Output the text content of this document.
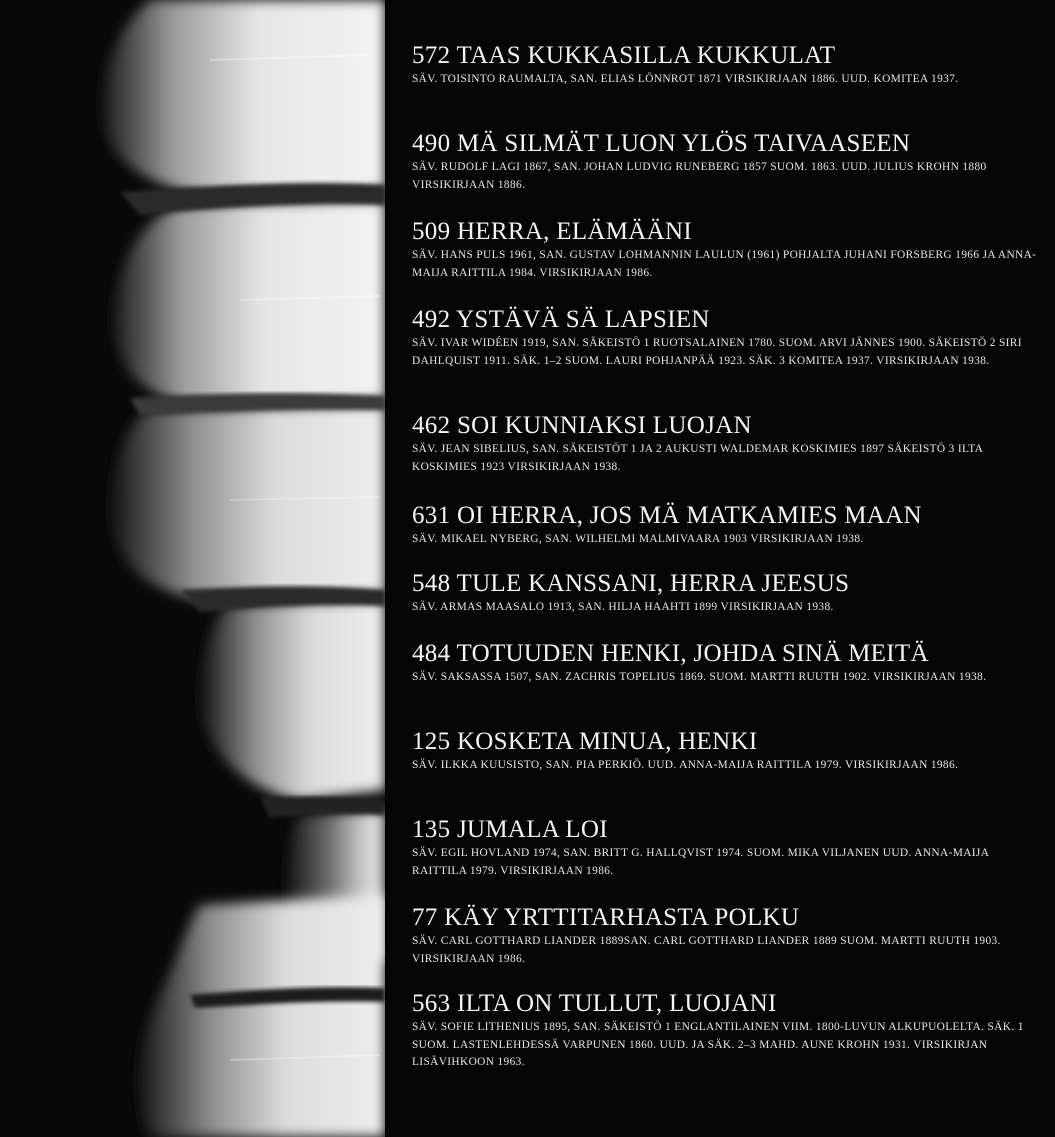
572 TAAS KUKKASILLA KUKKULAT
SÄV. TOISINTO RAUMALTA, SAN. ELIAS LÖNNROT 1871 VIRSIKIRJAAN 1886. UUD. KOMITEA 1937.
490 MÄ SILMÄT LUON YLÖS TAIVAASEEN
SÄV. RUDOLF LAGI 1867, SAN. JOHAN LUDVIG RUNEBERG 1857 SUOM. 1863. UUD. JULIUS KROHN 1880 VIRSIKIRJAAN 1886.
509 HERRA, ELÄMÄÄNI
SÄV. HANS PULS 1961, SAN. GUSTAV LOHMANNIN LAULUN (1961) POHJALTA JUHANI FORSBERG 1966 JA ANNA-MAIJA RAITTILA 1984. VIRSIKIRJAAN 1986.
492 YSTÄVÄ SÄ LAPSIEN
SÄV. IVAR WIDÉEN 1919, SAN. SÄKEISTÖ 1 RUOTSALAINEN 1780. SUOM. ARVI JÄNNES 1900. SÄKEISTÖ 2 SIRI DAHLQUIST 1911. SÄK. 1–2 SUOM. LAURI POHJANPÄÄ 1923. SÄK. 3 KOMITEA 1937. VIRSIKIRJAAN 1938.
462 SOI KUNNIAKSI LUOJAN
SÄV. JEAN SIBELIUS, SAN. SÄKEISTÖT 1 JA 2 AUKUSTI WALDEMAR KOSKIMIES 1897 SÄKEISTÖ 3 ILTA KOSKIMIES 1923 VIRSIKIRJAAN 1938.
631 OI HERRA, JOS MÄ MATKAMIES MAAN
SÄV. MIKAEL NYBERG, SAN. WILHELMI MALMIVAARA 1903 VIRSIKIRJAAN 1938.
548 TULE KANSSANI, HERRA JEESUS
SÄV. ARMAS MAASALO 1913, SAN. HILJA HAAHTI 1899 VIRSIKIRJAAN 1938.
484 TOTUUDEN HENKI, JOHDA SINÄ MEITÄ
SÄV. SAKSASSA 1507, SAN. ZACHRIS TOPELIUS 1869. SUOM. MARTTI RUUTH 1902. VIRSIKIRJAAN 1938.
125 KOSKETA MINUA, HENKI
SÄV. ILKKA KUUSISTO, SAN. PIA PERKIÖ. UUD. ANNA-MAIJA RAITTILA 1979. VIRSIKIRJAAN 1986.
135 JUMALA LOI
SÄV. EGIL HOVLAND 1974, SAN. BRITT G. HALLQVIST 1974. SUOM. MIKA VILJANEN UUD. ANNA-MAIJA RAITTILA 1979. VIRSIKIRJAAN 1986.
77 KÄY YRTTITARHASTA POLKU
SÄV. CARL GOTTHARD LIANDER 1889SAN. CARL GOTTHARD LIANDER 1889 SUOM. MARTTI RUUTH 1903. VIRSIKIRJAAN 1986.
563 ILTA ON TULLUT, LUOJANI
SÄV. SOFIE LITHENIUS 1895, SAN. SÄKEISTÖ 1 ENGLANTILAINEN VIIM. 1800-LUVUN ALKUPUOLELTA. SÄK. 1 SUOM. LASTENLEHDESSÄ VARPUNEN 1860. UUD. JA SÄK. 2–3 MAHD. AUNE KROHN 1931. VIRSIKIRJAN LISÄVIHKOON 1963.
